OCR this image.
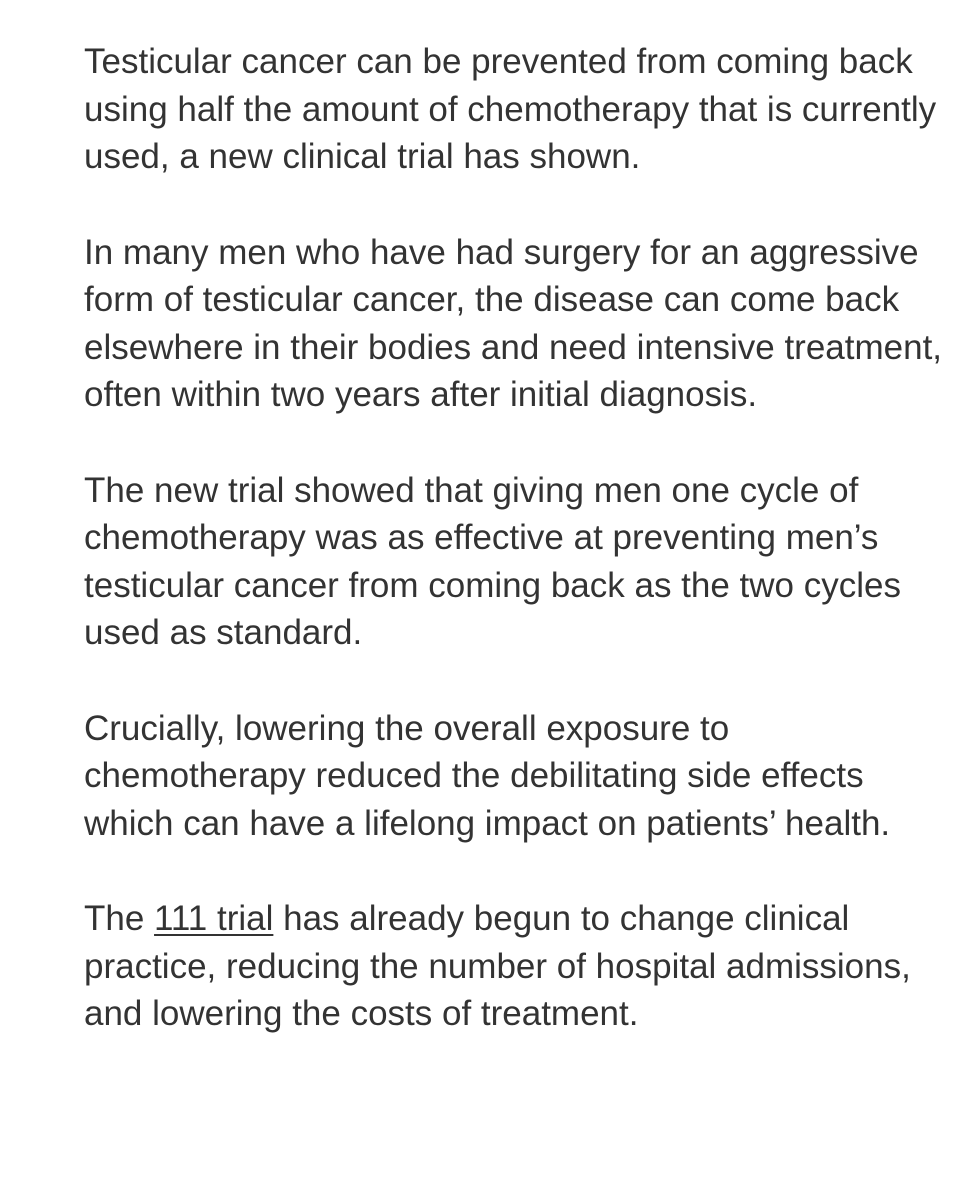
Testicular cancer can be prevented from coming back using half the amount of chemotherapy that is currently used, a new clinical trial has shown.

In many men who have had surgery for an aggressive form of testicular cancer, the disease can come back elsewhere in their bodies and need intensive treatment, often within two years after initial diagnosis.

The new trial showed that giving men one cycle of chemotherapy was as effective at preventing men’s testicular cancer from coming back as the two cycles used as standard.

Crucially, lowering the overall exposure to chemotherapy reduced the debilitating side effects which can have a lifelong impact on patients’ health.

The 111 trial has already begun to change clinical practice, reducing the number of hospital admissions, and lowering the costs of treatment.
